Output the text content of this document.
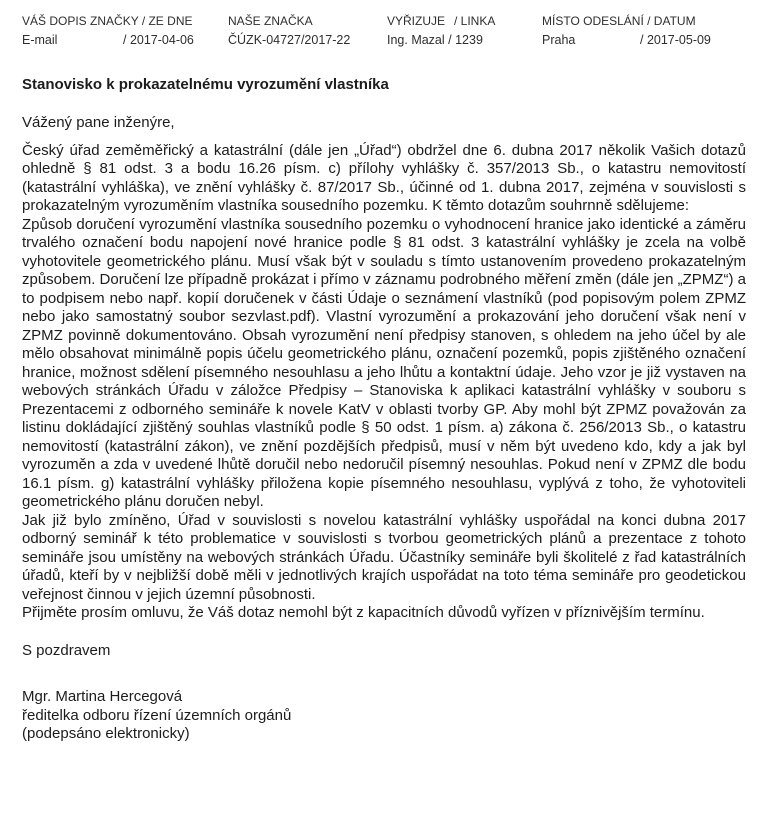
VÁŠ DOPIS ZNAČKY / ZE DNE
E-mail	/ 2017-04-06
NAŠE ZNAČKA
ČÚZK-04727/2017-22
VYŘIZUJE / LINKA
Ing. Mazal / 1239
MÍSTO ODESLÁNÍ / DATUM
Praha	/ 2017-05-09
Stanovisko k prokazatelnému vyrozumění vlastníka

Vážený pane inženýre,

Český úřad zeměměřický a katastrální (dále jen „Úřad“) obdržel dne 6. dubna 2017 několik Vašich dotazů ohledně § 81 odst. 3 a bodu 16.26 písm. c) přílohy vyhlášky č. 357/2013 Sb., o katastru nemovitostí (katastrální vyhláška), ve znění vyhlášky č. 87/2017 Sb., účinné od 1. dubna 2017, zejména v souvislosti s prokazatelným vyrozuměním vlastníka sousedního pozemku. K těmto dotazům souhrnně sdělujeme:

Způsob doručení vyrozumění vlastníka sousedního pozemku o vyhodnocení hranice jako identické a záměru trvalého označení bodu napojení nové hranice podle § 81 odst. 3 katastrální vyhlášky je zcela na volbě vyhotovitele geometrického plánu. Musí však být v souladu s tímto ustanovením provedeno prokazatelným způsobem. Doručení lze případně prokázat i přímo v záznamu podrobného měření změn (dále jen „ZPMZ“) a to podpisem nebo např. kopií doručenek v části Údaje o seznámení vlastníků (pod popisovým polem ZPMZ nebo jako samostatný soubor sezvlast.pdf). Vlastní vyrozumění a prokazování jeho doručení však není v ZPMZ povinně dokumentováno. Obsah vyrozumění není předpisy stanoven, s ohledem na jeho účel by ale mělo obsahovat minimálně popis účelu geometrického plánu, označení pozemků, popis zjištěného označení hranice, možnost sdělení písemného nesouhlasu a jeho lhůtu a kontaktní údaje. Jeho vzor je již vystaven na webových stránkách Úřadu v záložce Předpisy – Stanoviska k aplikaci katastrální vyhlášky v souboru s Prezentacemi z odborného semináře k novele KatV v oblasti tvorby GP. Aby mohl být ZPMZ považován za listinu dokládající zjištěný souhlas vlastníků podle § 50 odst. 1 písm. a) zákona č. 256/2013 Sb., o katastru nemovitostí (katastrální zákon), ve znění pozdějších předpisů, musí v něm být uvedeno kdo, kdy a jak byl vyrozuměn a zda v uvedené lhůtě doručil nebo nedoručil písemný nesouhlas. Pokud není v ZPMZ dle bodu 16.1 písm. g) katastrální vyhlášky přiložena kopie písemného nesouhlasu, vyplývá z toho, že vyhotoviteli geometrického plánu doručen nebyl.

Jak již bylo zmíněno, Úřad v souvislosti s novelou katastrální vyhlášky uspořádal na konci dubna 2017 odborný seminář k této problematice v souvislosti s tvorbou geometrických plánů a prezentace z tohoto semináře jsou umístěny na webových stránkách Úřadu. Účastníky semináře byli školitelé z řad katastrálních úřadů, kteří by v nejbližší době měli v jednotlivých krajích uspořádat na toto téma semináře pro geodetickou veřejnost činnou v jejich územní působnosti.

Přijměte prosím omluvu, že Váš dotaz nemohl být z kapacitních důvodů vyřízen v příznivějším termínu.

S pozdravem

Mgr. Martina Hercegová

ředitelka odboru řízení územních orgánů

(podepsáno elektronicky)
